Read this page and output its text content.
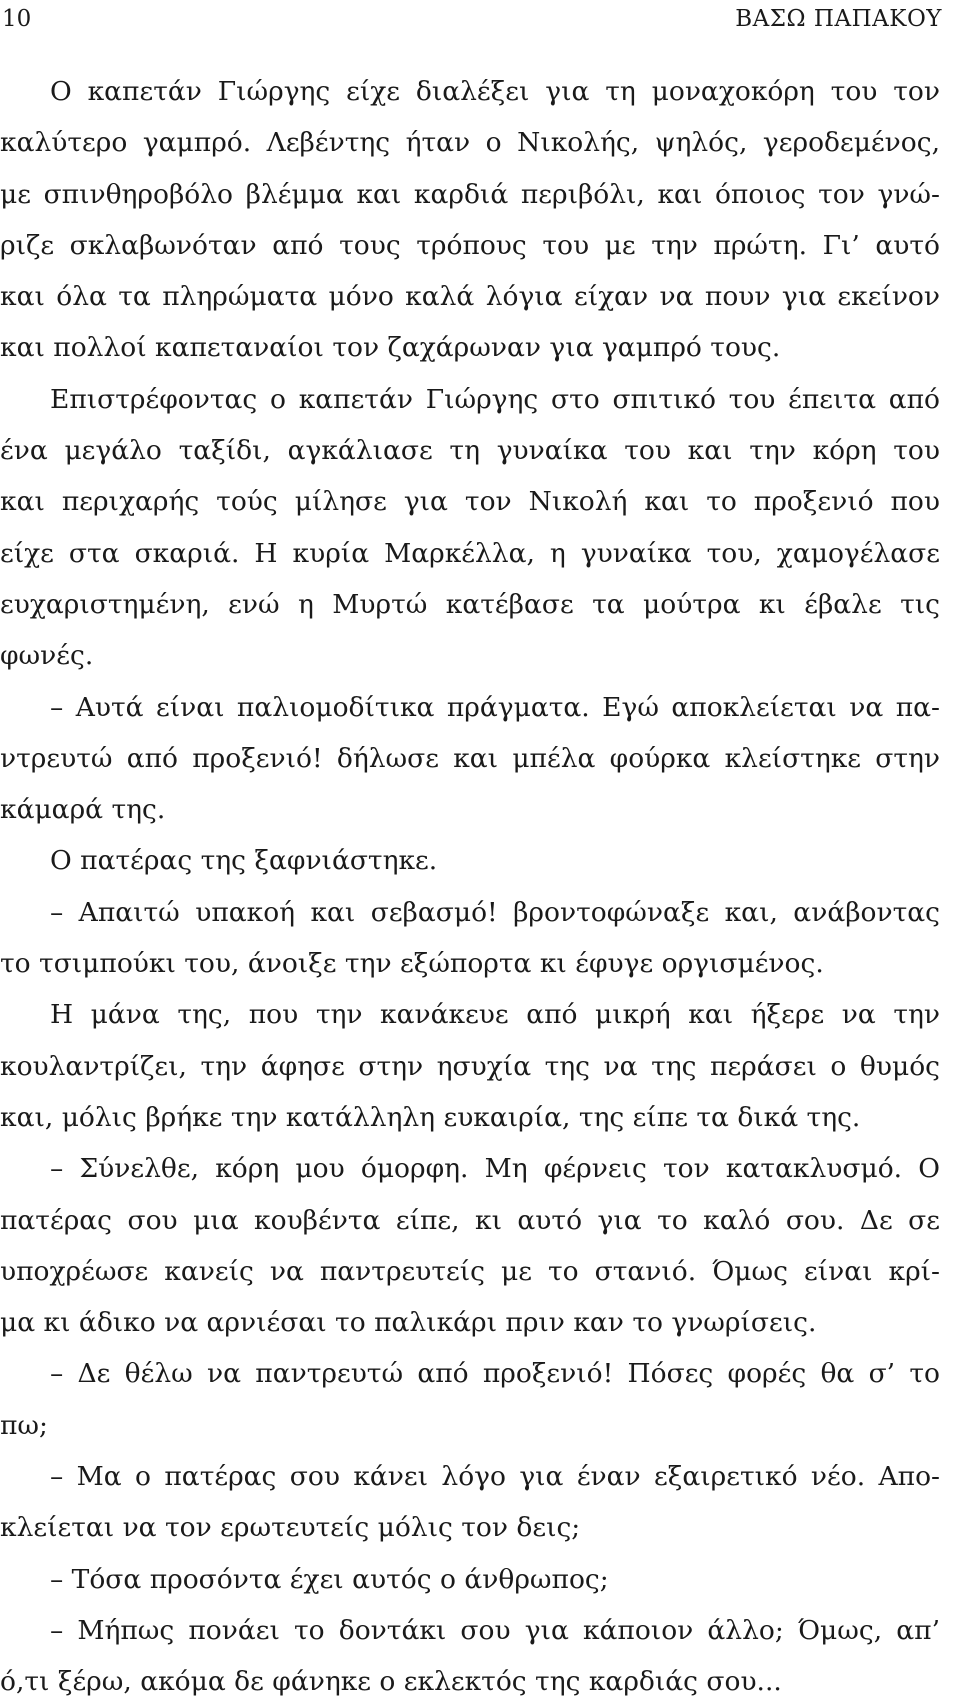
10	ΒΑΣΩ ΠΑΠΑΚΟΥ
Ο καπετάν Γιώργης είχε διαλέξει για τη μοναχοκόρη του τον
καλύτερο γαμπρό. Λεβέντης ήταν ο Νικολής, ψηλός, γεροδεμένος,
με σπινθηροβόλο βλέμμα και καρδιά περιβόλι, και όποιος τον γνώ-
ριζε σκλαβωνόταν από τους τρόπους του με την πρώτη. Γι’ αυτό
και όλα τα πληρώματα μόνο καλά λόγια είχαν να πουν για εκείνον
και πολλοί καπεταναίοι τον ζαχάρωναν για γαμπρό τους.
Επιστρέφοντας ο καπετάν Γιώργης στο σπιτικό του έπειτα από
ένα μεγάλο ταξίδι, αγκάλιασε τη γυναίκα του και την κόρη του
και περιχαρής τούς μίλησε για τον Νικολή και το προξενιό που
είχε στα σκαριά. Η κυρία Μαρκέλλα, η γυναίκα του, χαμογέλασε
ευχαριστημένη, ενώ η Μυρτώ κατέβασε τα μούτρα κι έβαλε τις
φωνές.
– Αυτά είναι παλιομοδίτικα πράγματα. Εγώ αποκλείεται να πα-
ντρευτώ από προξενιό! δήλωσε και μπέλα φούρκα κλείστηκε στην
κάμαρά της.
Ο πατέρας της ξαφνιάστηκε.
– Απαιτώ υπακοή και σεβασμό! βροντοφώναξε και, ανάβοντας
το τσιμπούκι του, άνοιξε την εξώπορτα κι έφυγε οργισμένος.
Η μάνα της, που την κανάκευε από μικρή και ήξερε να την
κουλαντρίζει, την άφησε στην ησυχία της να της περάσει ο θυμός
και, μόλις βρήκε την κατάλληλη ευκαιρία, της είπε τα δικά της.
– Σύνελθε, κόρη μου όμορφη. Μη φέρνεις τον κατακλυσμό. Ο
πατέρας σου μια κουβέντα είπε, κι αυτό για το καλό σου. Δε σε
υποχρέωσε κανείς να παντρευτείς με το στανιό. Όμως είναι κρί-
μα κι άδικο να αρνιέσαι το παλικάρι πριν καν το γνωρίσεις.
– Δε θέλω να παντρευτώ από προξενιό! Πόσες φορές θα σ’ το
πω;
– Μα ο πατέρας σου κάνει λόγο για έναν εξαιρετικό νέο. Απο-
κλείεται να τον ερωτευτείς μόλις τον δεις;
– Τόσα προσόντα έχει αυτός ο άνθρωπος;
– Μήπως πονάει το δοντάκι σου για κάποιον άλλο; Όμως, απ’
ό,τι ξέρω, ακόμα δε φάνηκε ο εκλεκτός της καρδιάς σου...
